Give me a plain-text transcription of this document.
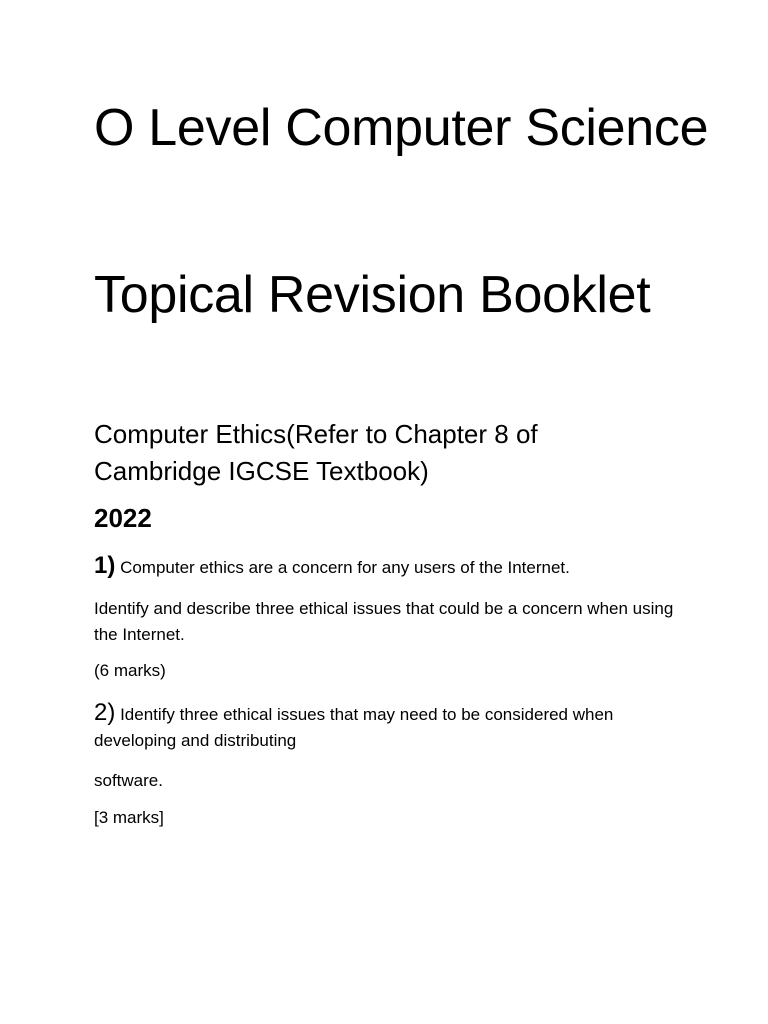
O Level Computer Science
Topical Revision Booklet

Computer Ethics(Refer to Chapter 8 of Cambridge IGCSE Textbook)

2022

1) Computer ethics are a concern for any users of the Internet.

Identify and describe three ethical issues that could be a concern when using the Internet.

(6 marks)

2) Identify three ethical issues that may need to be considered when developing and distributing

software.

[3 marks]
